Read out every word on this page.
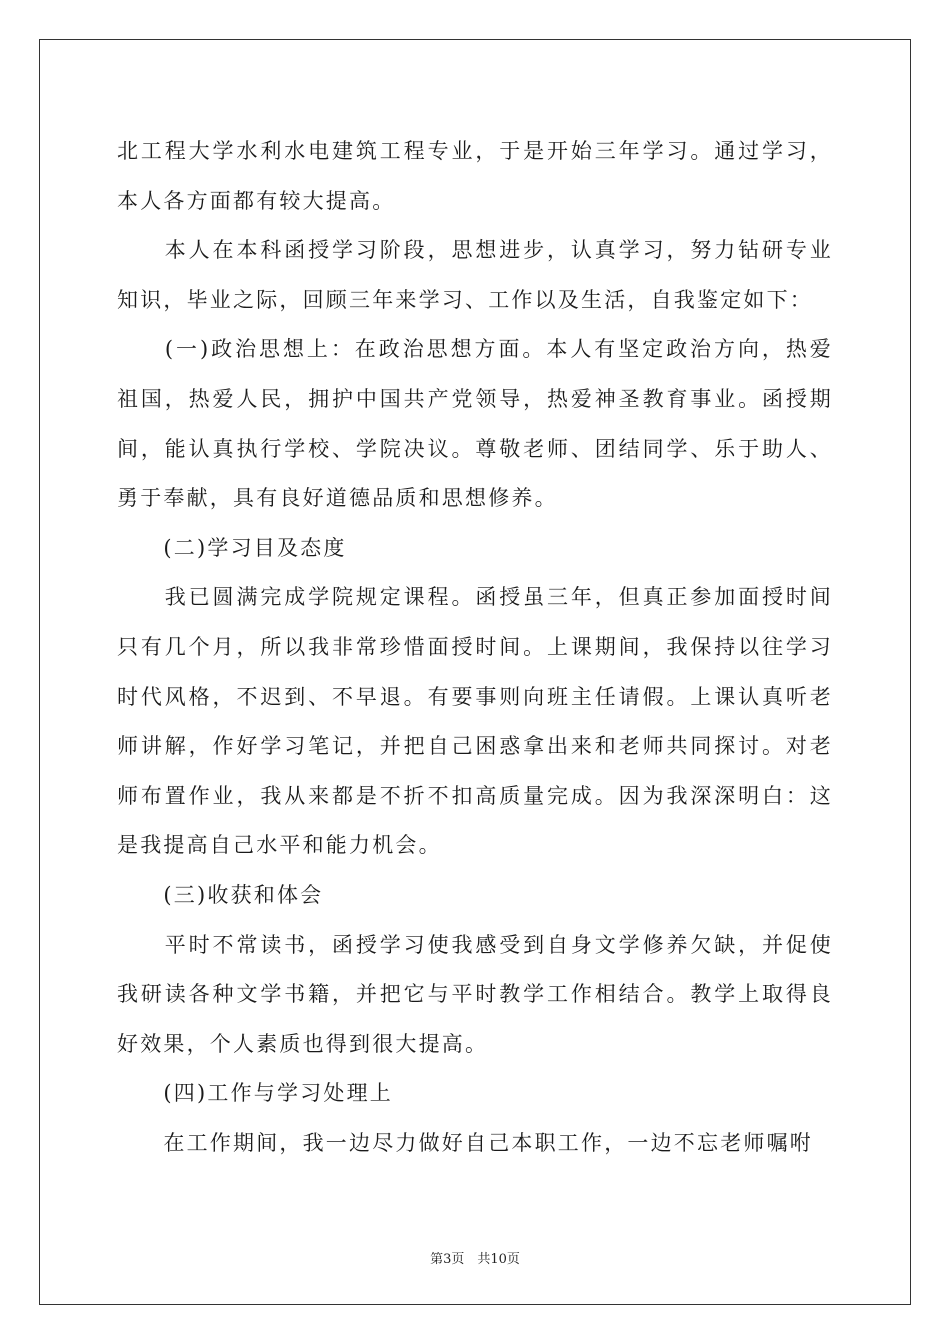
北工程大学水利水电建筑工程专业，于是开始三年学习。通过学习，本人各方面都有较大提高。

　　本人在本科函授学习阶段，思想进步，认真学习，努力钻研专业知识，毕业之际，回顾三年来学习、工作以及生活，自我鉴定如下：

　　(一)政治思想上：在政治思想方面。本人有坚定政治方向，热爱祖国，热爱人民，拥护中国共产党领导，热爱神圣教育事业。函授期间，能认真执行学校、学院决议。尊敬老师、团结同学、乐于助人、勇于奉献，具有良好道德品质和思想修养。

　　(二)学习目及态度

　　我已圆满完成学院规定课程。函授虽三年，但真正参加面授时间只有几个月，所以我非常珍惜面授时间。上课期间，我保持以往学习时代风格，不迟到、不早退。有要事则向班主任请假。上课认真听老师讲解，作好学习笔记，并把自己困惑拿出来和老师共同探讨。对老师布置作业，我从来都是不折不扣高质量完成。因为我深深明白：这是我提高自己水平和能力机会。

　　(三)收获和体会

　　平时不常读书，函授学习使我感受到自身文学修养欠缺，并促使我研读各种文学书籍，并把它与平时教学工作相结合。教学上取得良好效果，个人素质也得到很大提高。

　　(四)工作与学习处理上

　　在工作期间，我一边尽力做好自己本职工作，一边不忘老师嘱咐

第3页　共10页
